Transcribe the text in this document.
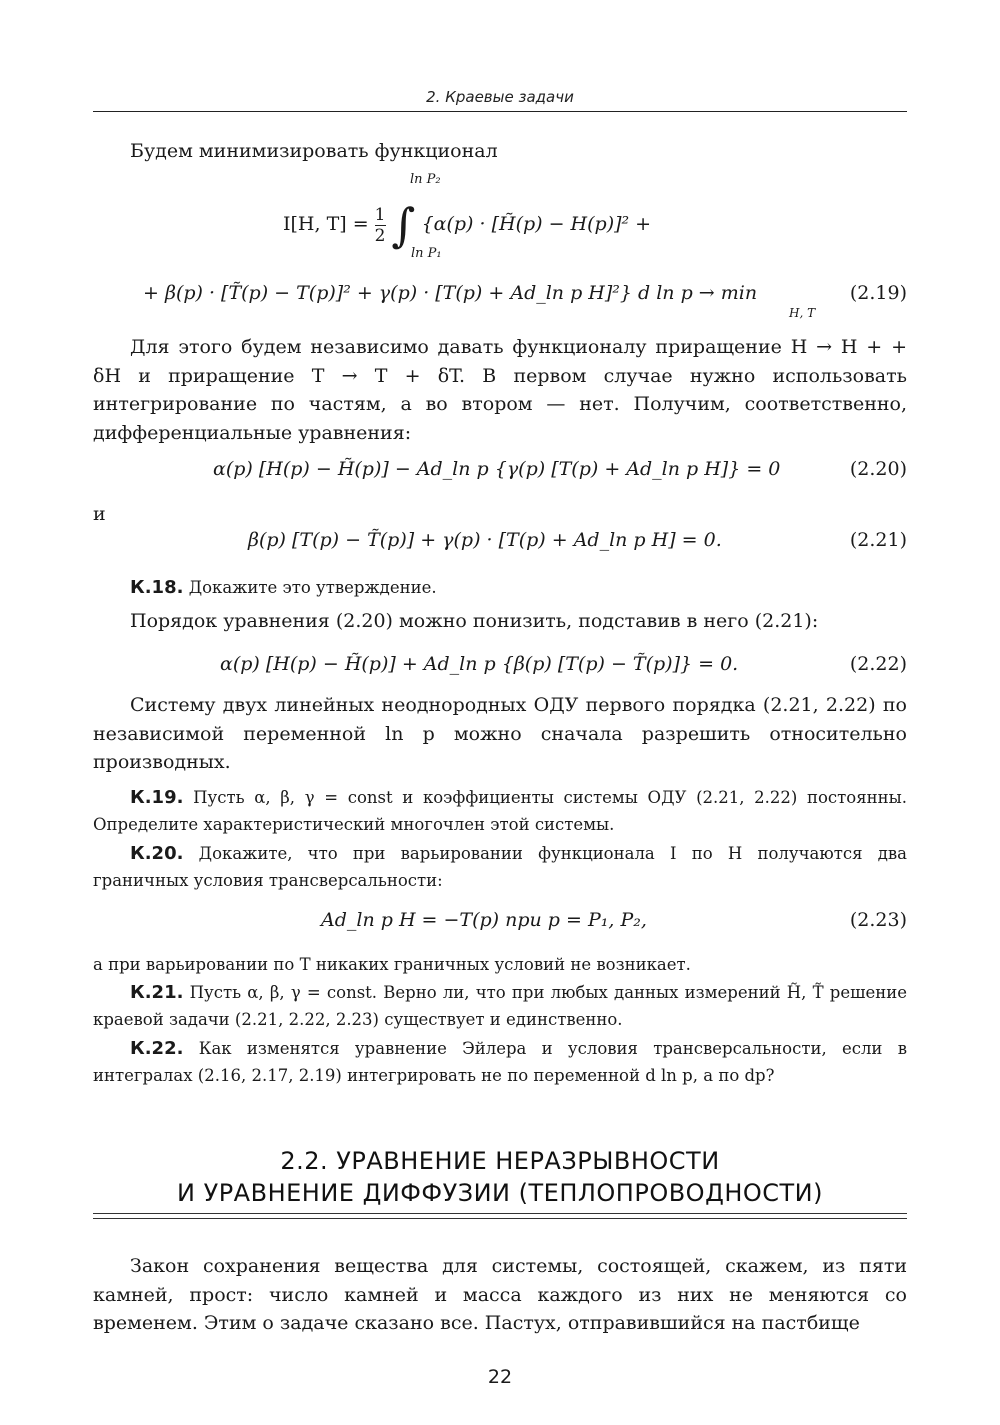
2. Краевые задачи
Будем минимизировать функционал
ln P₂
I[H, $T] = \frac{1}{2}$ ∫ {α(p) · [H̃(p) − H(p)]² +
ln P₁
+ β(p) · [T̃(p) − T(p)]² + γ(p) · [T(p) + Ad_ln p H]²} d ln p → min
H, T
(2.19)
Для этого будем независимо давать функционалу приращение H → H + + δH и приращение T → T + δT. В первом случае нужно использовать интегрирование по частям, а во втором — нет. Получим, соответственно, дифференциальные уравнения:
α(p) [H(p) − H̃(p)] − Ad_ln p {γ(p) [T(p) + Ad_ln p H]} = 0	(2.20)
и
β(p) [T(p) − T̃(p)] + γ(p) · [T(p) + Ad_ln p H] = 0.	(2.21)
К.18. Докажите это утверждение.
Порядок уравнения (2.20) можно понизить, подставив в него (2.21):
α(p) [H(p) − H̃(p)] + Ad_ln p {β(p) [T(p) − T̃(p)]} = 0.	(2.22)
Систему двух линейных неоднородных ОДУ первого порядка (2.21, 2.22) по независимой переменной ln p можно сначала разрешить относительно производных.
К.19. Пусть α, β, γ = const и коэффициенты системы ОДУ (2.21, 2.22) постоянны. Определите характеристический многочлен этой системы.
К.20. Докажите, что при варьировании функционала I по H получаются два граничных условия трансверсальности:
Ad_ln p H = −T(p) при p = P₁, P₂,	(2.23)
а при варьировании по T никаких граничных условий не возникает.
К.21. Пусть α, β, γ = const. Верно ли, что при любых данных измерений H̃, T̃ решение краевой задачи (2.21, 2.22, 2.23) существует и единственно.
К.22. Как изменятся уравнение Эйлера и условия трансверсальности, если в интегралах (2.16, 2.17, 2.19) интегрировать не по переменной d ln p, а по dp?
2.2. УРАВНЕНИЕ НЕРАЗРЫВНОСТИ
И УРАВНЕНИЕ ДИФФУЗИИ (ТЕПЛОПРОВОДНОСТИ)
Закон сохранения вещества для системы, состоящей, скажем, из пяти камней, прост: число камней и масса каждого из них не меняются со временем. Этим о задаче сказано все. Пастух, отправившийся на пастбище
22
